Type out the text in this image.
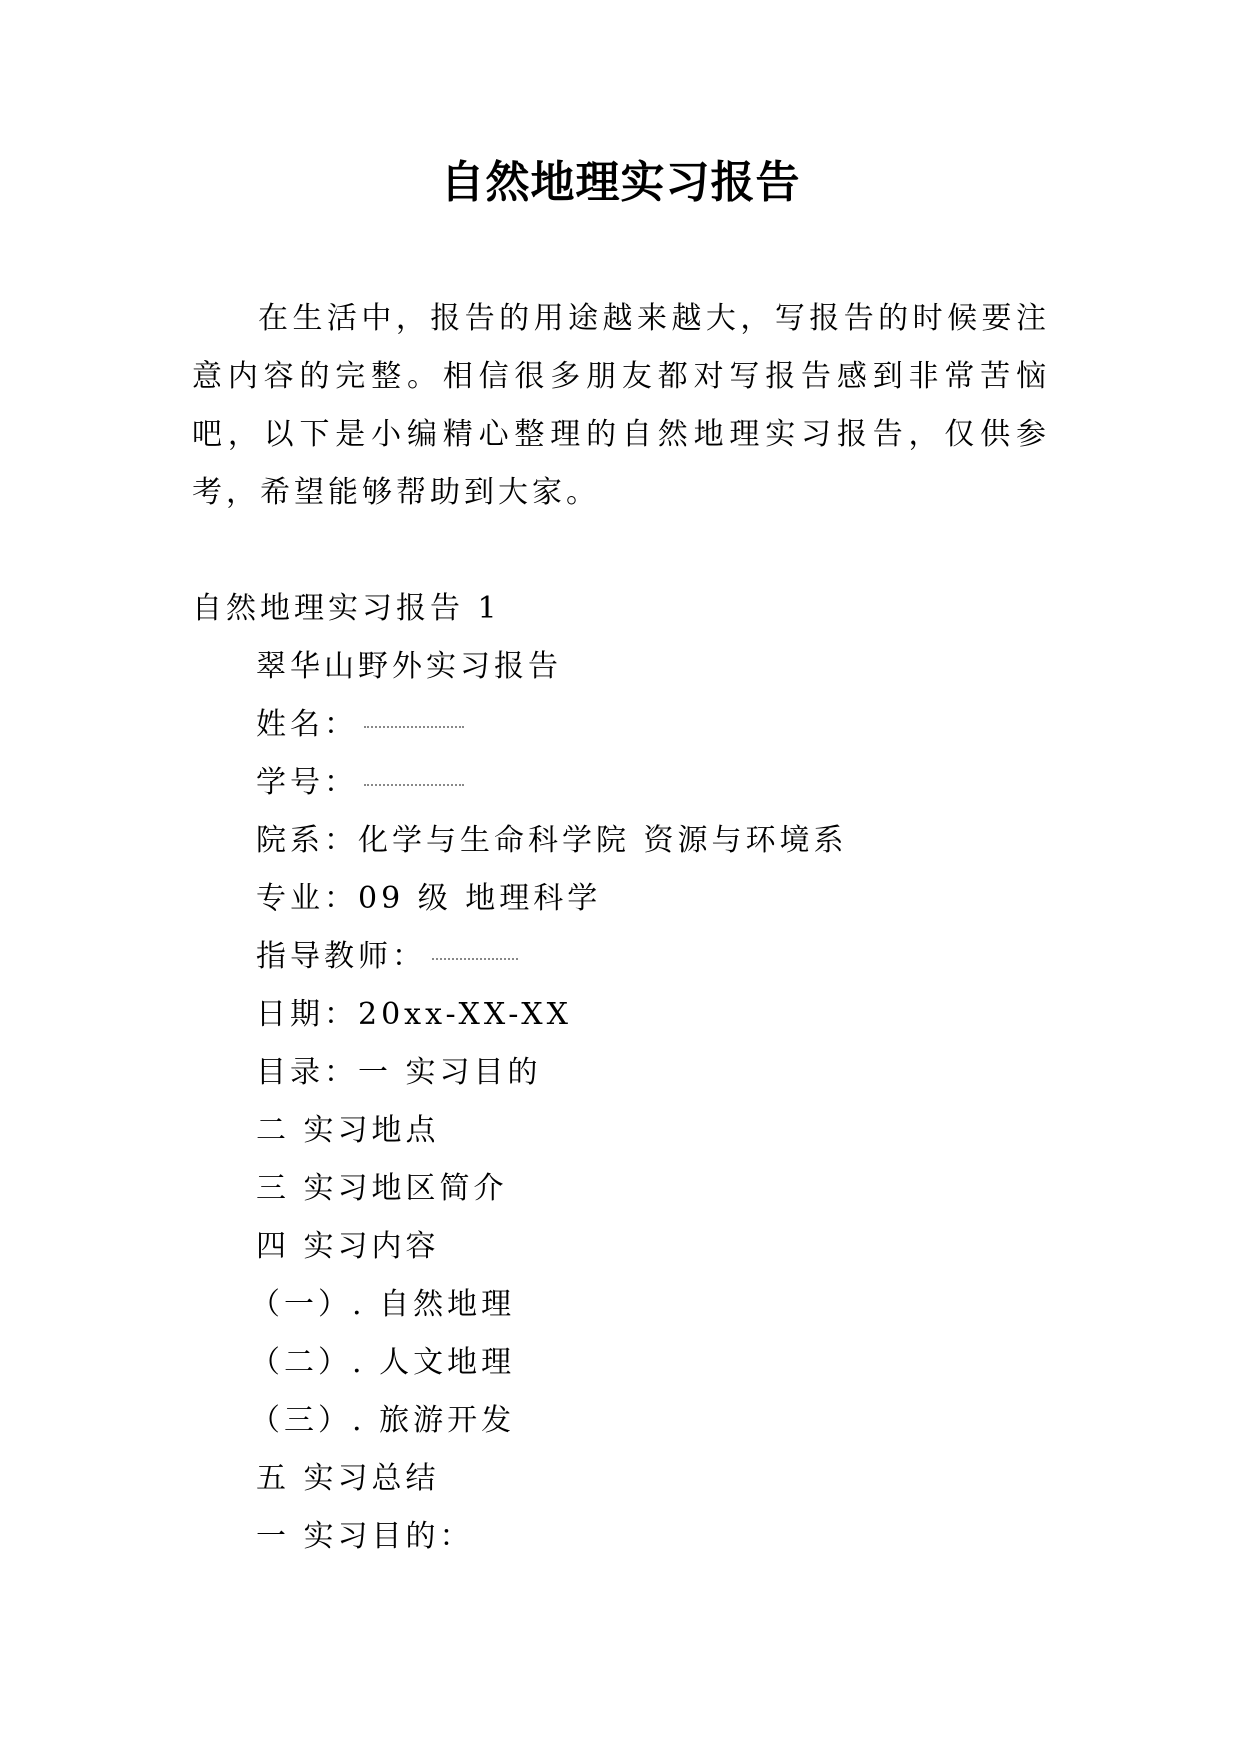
自然地理实习报告

在生活中，报告的用途越来越大，写报告的时候要注意内容的完整。相信很多朋友都对写报告感到非常苦恼吧，以下是小编精心整理的自然地理实习报告，仅供参考，希望能够帮助到大家。

自然地理实习报告 1
翠华山野外实习报告
姓名：
学号：
院系：化学与生命科学院 资源与环境系
专业：09 级 地理科学
指导教师：
日期：20xx-XX-XX
目录：一 实习目的
二 实习地点
三 实习地区简介
四 实习内容
（一）. 自然地理
（二）. 人文地理
（三）. 旅游开发
五 实习总结
一 实习目的：
